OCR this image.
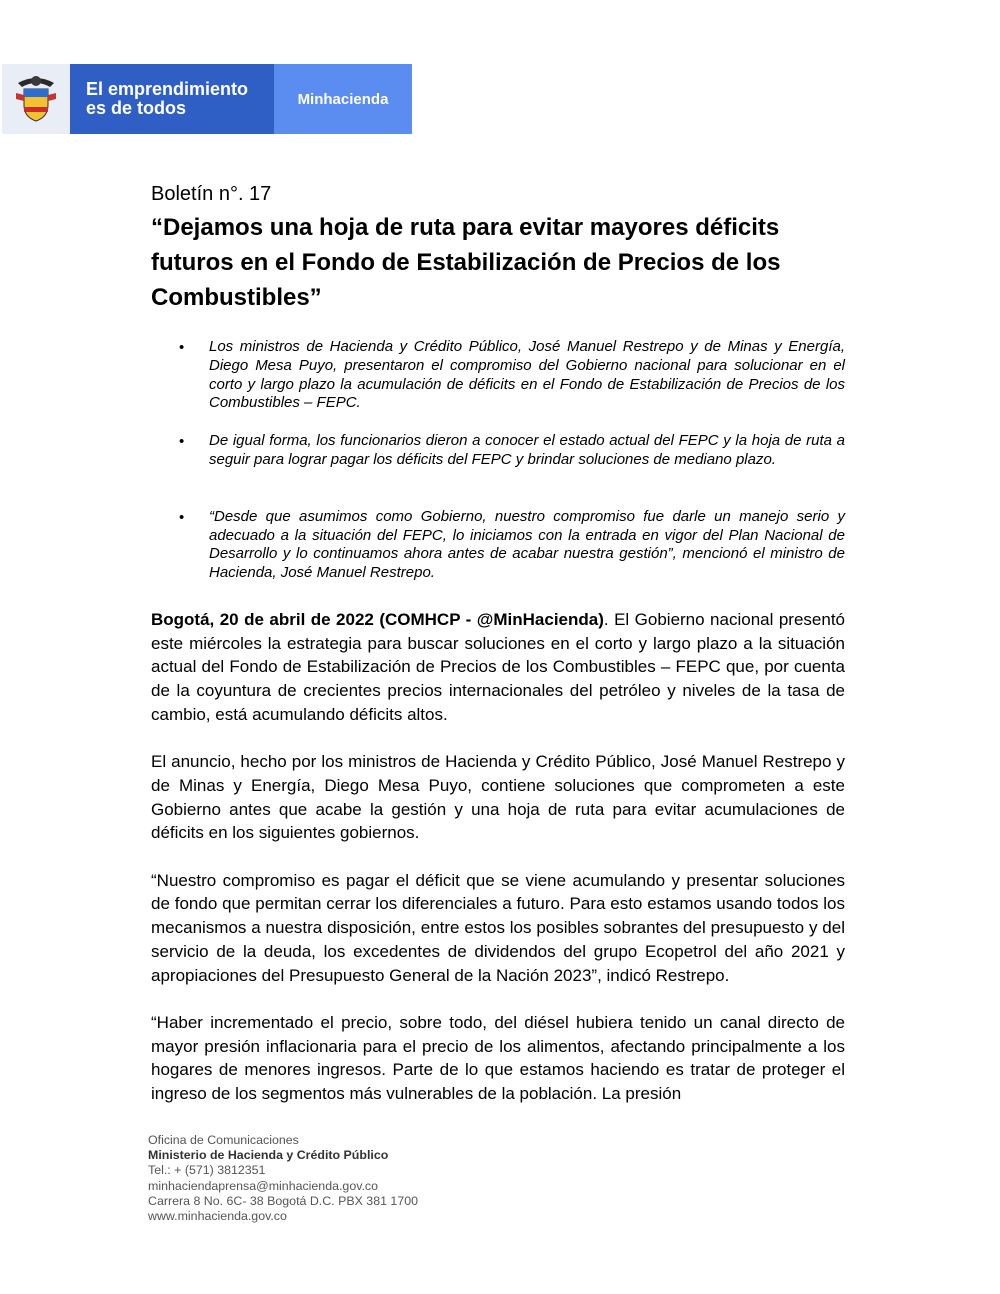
El emprendimiento
es de todos	Minhacienda
Boletín n°. 17
“Dejamos una hoja de ruta para evitar mayores déficits futuros en el Fondo de Estabilización de Precios de los Combustibles”
• Los ministros de Hacienda y Crédito Público, José Manuel Restrepo y de Minas y Energía, Diego Mesa Puyo, presentaron el compromiso del Gobierno nacional para solucionar en el corto y largo plazo la acumulación de déficits en el Fondo de Estabilización de Precios de los Combustibles – FEPC.
• De igual forma, los funcionarios dieron a conocer el estado actual del FEPC y la hoja de ruta a seguir para lograr pagar los déficits del FEPC y brindar soluciones de mediano plazo.
• “Desde que asumimos como Gobierno, nuestro compromiso fue darle un manejo serio y adecuado a la situación del FEPC, lo iniciamos con la entrada en vigor del Plan Nacional de Desarrollo y lo continuamos ahora antes de acabar nuestra gestión”, mencionó el ministro de Hacienda, José Manuel Restrepo.

Bogotá, 20 de abril de 2022 (COMHCP - @MinHacienda). El Gobierno nacional presentó este miércoles la estrategia para buscar soluciones en el corto y largo plazo a la situación actual del Fondo de Estabilización de Precios de los Combustibles – FEPC que, por cuenta de la coyuntura de crecientes precios internacionales del petróleo y niveles de la tasa de cambio, está acumulando déficits altos.

El anuncio, hecho por los ministros de Hacienda y Crédito Público, José Manuel Restrepo y de Minas y Energía, Diego Mesa Puyo, contiene soluciones que comprometen a este Gobierno antes que acabe la gestión y una hoja de ruta para evitar acumulaciones de déficits en los siguientes gobiernos.

“Nuestro compromiso es pagar el déficit que se viene acumulando y presentar soluciones de fondo que permitan cerrar los diferenciales a futuro. Para esto estamos usando todos los mecanismos a nuestra disposición, entre estos los posibles sobrantes del presupuesto y del servicio de la deuda, los excedentes de dividendos del grupo Ecopetrol del año 2021 y apropiaciones del Presupuesto General de la Nación 2023”, indicó Restrepo.

“Haber incrementado el precio, sobre todo, del diésel hubiera tenido un canal directo de mayor presión inflacionaria para el precio de los alimentos, afectando principalmente a los hogares de menores ingresos. Parte de lo que estamos haciendo es tratar de proteger el ingreso de los segmentos más vulnerables de la población. La presión

Oficina de Comunicaciones
Ministerio de Hacienda y Crédito Público
Tel.: + (571) 3812351
minhaciendaprensa@minhacienda.gov.co
Carrera 8 No. 6C- 38 Bogotá D.C. PBX 381 1700
www.minhacienda.gov.co
